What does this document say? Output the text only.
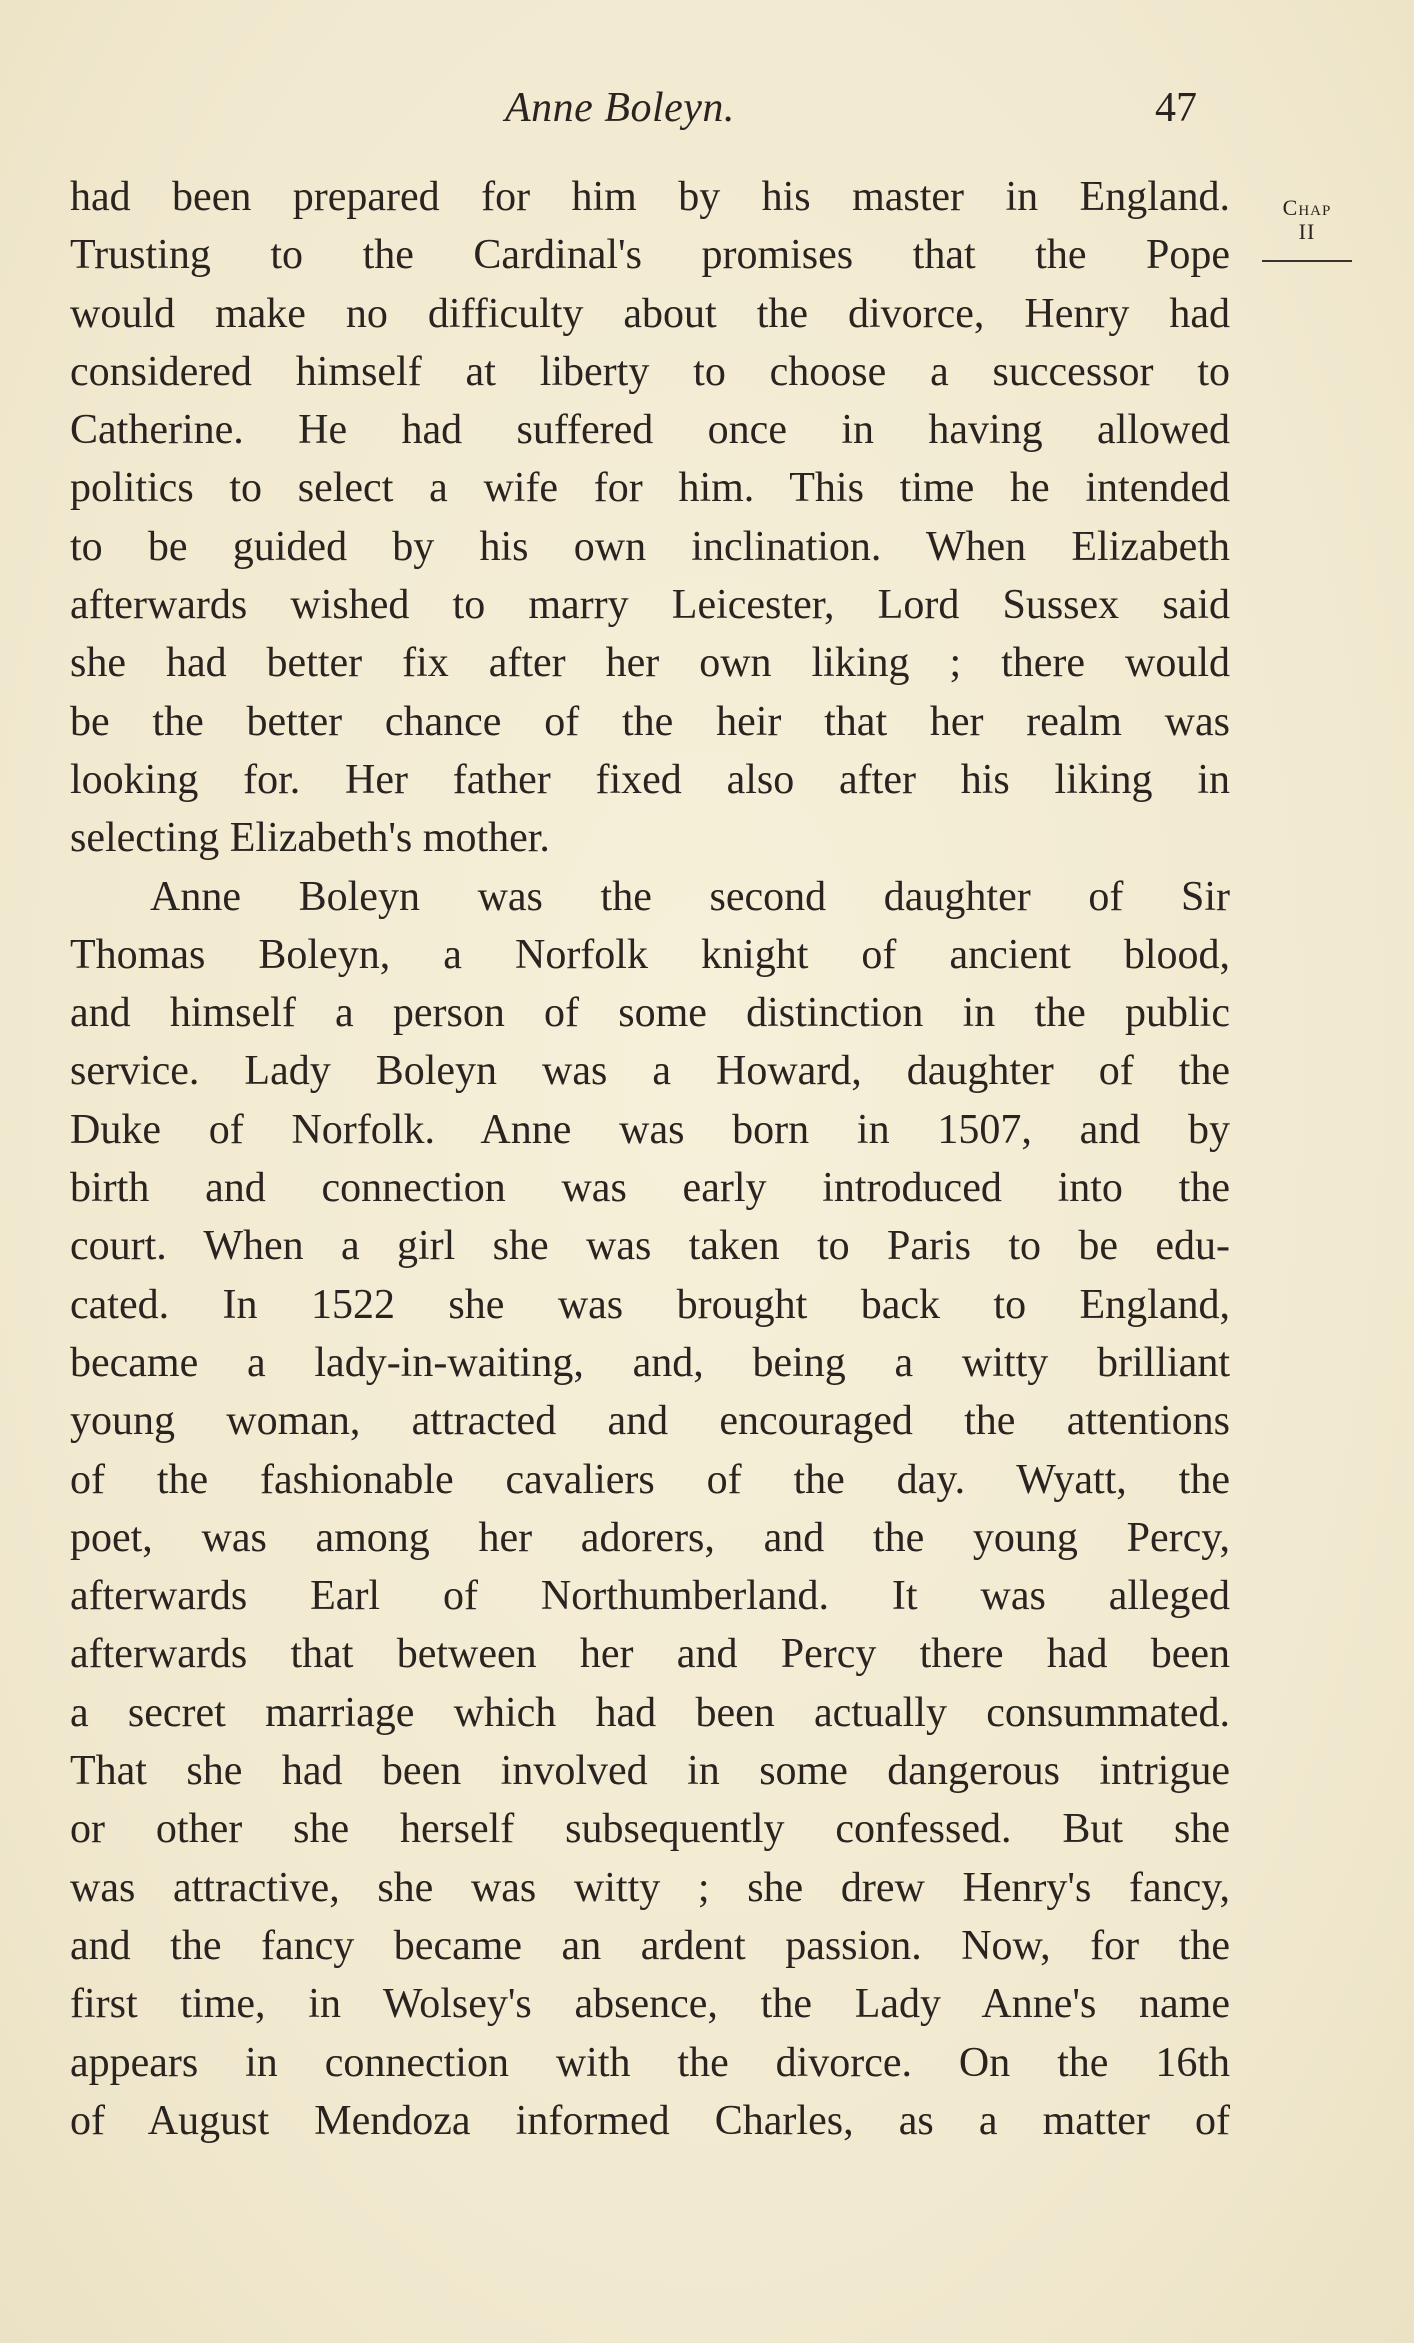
Anne Boleyn.	47
Chap
II

had been prepared for him by his master in England.
Trusting to the Cardinal's promises that the Pope
would make no difficulty about the divorce, Henry had
considered himself at liberty to choose a successor to
Catherine. He had suffered once in having allowed
politics to select a wife for him. This time he intended
to be guided by his own inclination. When Elizabeth
afterwards wished to marry Leicester, Lord Sussex said
she had better fix after her own liking ; there would
be the better chance of the heir that her realm was
looking for. Her father fixed also after his liking in
selecting Elizabeth's mother.

Anne Boleyn was the second daughter of Sir
Thomas Boleyn, a Norfolk knight of ancient blood,
and himself a person of some distinction in the public
service. Lady Boleyn was a Howard, daughter of the
Duke of Norfolk. Anne was born in 1507, and by
birth and connection was early introduced into the
court. When a girl she was taken to Paris to be edu-
cated. In 1522 she was brought back to England,
became a lady-in-waiting, and, being a witty brilliant
young woman, attracted and encouraged the attentions
of the fashionable cavaliers of the day. Wyatt, the
poet, was among her adorers, and the young Percy,
afterwards Earl of Northumberland. It was alleged
afterwards that between her and Percy there had been
a secret marriage which had been actually consummated.
That she had been involved in some dangerous intrigue
or other she herself subsequently confessed. But she
was attractive, she was witty ; she drew Henry's fancy,
and the fancy became an ardent passion. Now, for the
first time, in Wolsey's absence, the Lady Anne's name
appears in connection with the divorce. On the 16th
of August Mendoza informed Charles, as a matter of
